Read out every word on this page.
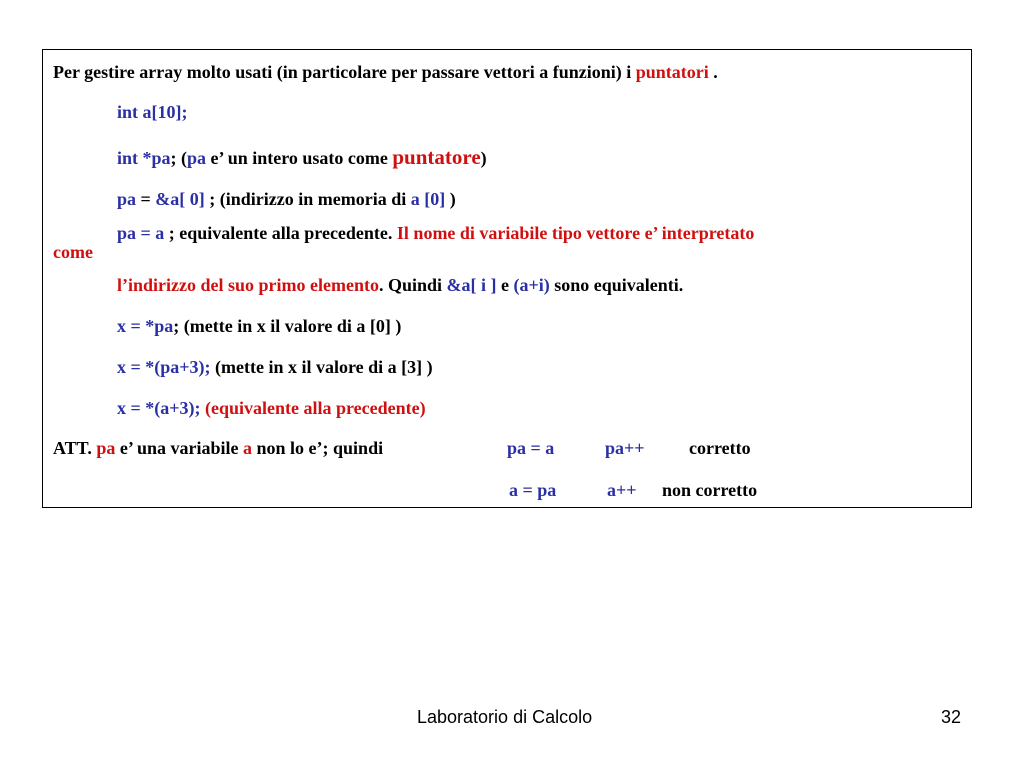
Per gestire array molto usati (in particolare per passare vettori a funzioni) i puntatori .
int a[10];
int *pa; (pa e’ un intero usato come puntatore)
pa = &a[ 0] ; (indirizzo in memoria di a [0] )
pa = a ; equivalente alla precedente. Il nome di variabile tipo vettore e’ interpretato
come
l’indirizzo del suo primo elemento. Quindi &a[ i ] e (a+i) sono equivalenti.
x = *pa; (mette in x il valore di a [0] )
x = *(pa+3); (mette in x il valore di a [3] )
x = *(a+3); (equivalente alla precedente)
ATT. pa e’ una variabile a non lo e’; quindi	pa = a	pa++ corretto
a = pa	a++ non corretto
Laboratorio di Calcolo	32
